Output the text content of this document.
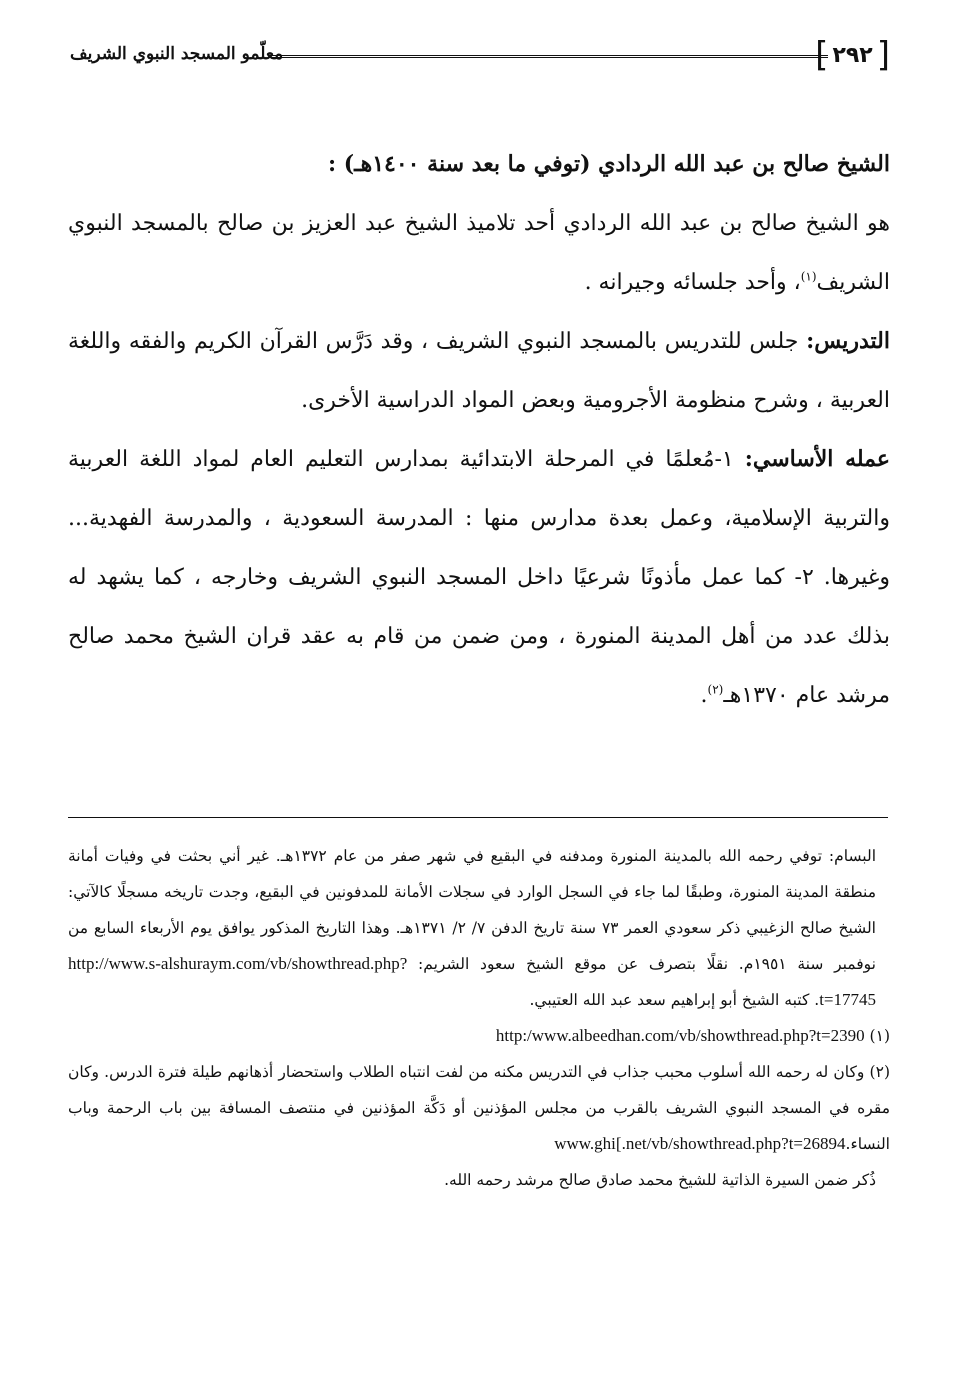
معلّمو المسجد النبوي الشريف	[ ٢٩٢ ]

الشيخ صالح بن عبد الله الردادي (توفي ما بعد سنة ١٤٠٠هـ) :

هو الشيخ صالح بن عبد الله الردادي أحد تلاميذ الشيخ عبد العزيز بن صالح بالمسجد النبوي الشريف$^{(١)}$، وأحد جلسائه وجيرانه .

التدريس: جلس للتدريس بالمسجد النبوي الشريف ، وقد دَرَّس القرآن الكريم والفقه واللغة العربية ، وشرح منظومة الأجرومية وبعض المواد الدراسية الأخرى.

عمله الأساسي: ١-مُعلمًا في المرحلة الابتدائية بمدارس التعليم العام لمواد اللغة العربية والتربية الإسلامية، وعمل بعدة مدارس منها : المدرسة السعودية ، والمدرسة الفهدية... وغيرها. ٢- كما عمل مأذونًا شرعيًا داخل المسجد النبوي الشريف وخارجه ، كما يشهد له بذلك عدد من أهل المدينة المنورة ، ومن ضمن من قام به عقد قران الشيخ محمد صالح مرشد عام ١٣٧٠هـ$^{(٢)}$.

البسام: توفي رحمه الله بالمدينة المنورة ومدفنه في البقيع في شهر صفر من عام ١٣٧٢هـ. غير أني بحثت في وفيات أمانة منطقة المدينة المنورة، وطبقًا لما جاء في السجل الوارد في سجلات الأمانة للمدفونين في البقيع، وجدت تاريخه مسجلًا كالآتي: الشيخ صالح الزغيبي ذكر سعودي العمر ٧٣ سنة تاريخ الدفن ٧/ ٢/ ١٣٧١هـ. وهذا التاريخ المذكور يوافق يوم الأربعاء السابع من نوفمبر سنة ١٩٥١م. نقلًا بتصرف عن موقع الشيخ سعود الشريم: http://www.s-alshuraym.com/vb/showthread.php?t=17745. كتبه الشيخ أبو إبراهيم سعد عبد الله العتيبي.

(١) http:/www.albeedhan.com/vb/showthread.php?t=2390

(٢) وكان له رحمه الله أسلوب محبب جذاب في التدريس مكنه من لفت انتباه الطلاب واستحضار أذهانهم طيلة فترة الدرس. وكان مقره في المسجد النبوي الشريف بالقرب من مجلس المؤذنين أو دَكَّة المؤذنين في منتصف المسافة بين باب الرحمة وباب النساء.www.ghi[.net/vb/showthread.php?t=26894

ذُكر ضمن السيرة الذاتية للشيخ محمد صادق صالح مرشد رحمه الله.
